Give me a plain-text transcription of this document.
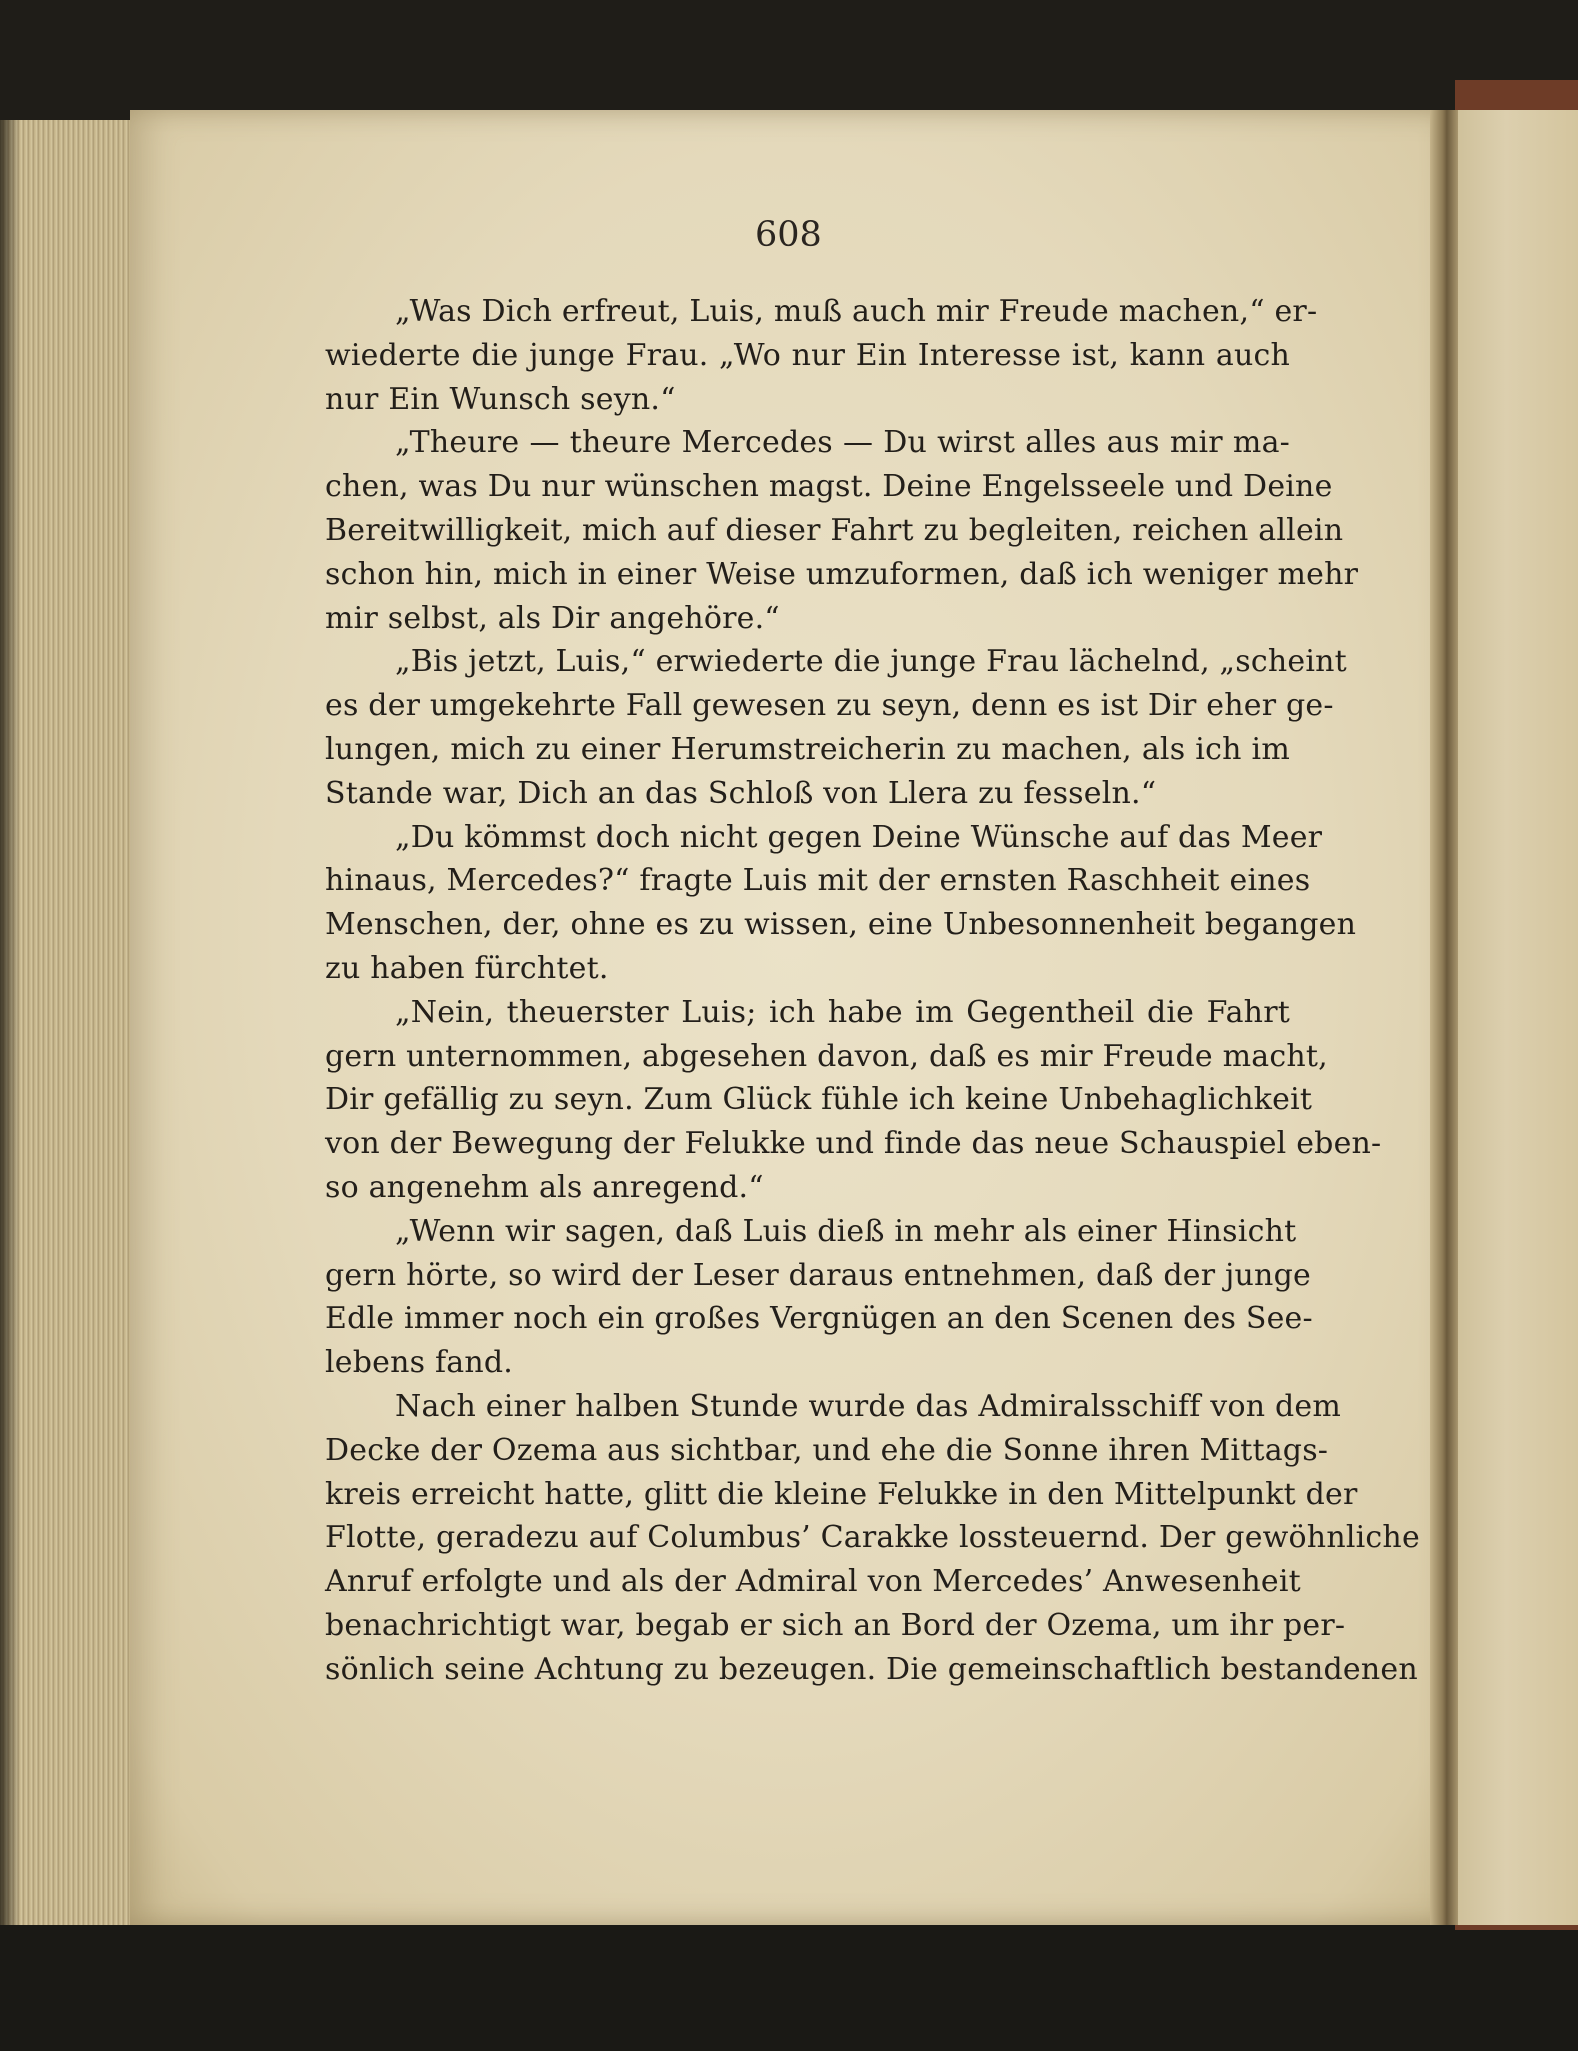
608
„Was Dich erfreut, Luis, muß auch mir Freude machen,“ er-
wiederte die junge Frau. „Wo nur Ein Interesse ist, kann auch
nur Ein Wunsch seyn.“
„Theure — theure Mercedes — Du wirst alles aus mir ma-
chen, was Du nur wünschen magst. Deine Engelsseele und Deine
Bereitwilligkeit, mich auf dieser Fahrt zu begleiten, reichen allein
schon hin, mich in einer Weise umzuformen, daß ich weniger mehr
mir selbst, als Dir angehöre.“
„Bis jetzt, Luis,“ erwiederte die junge Frau lächelnd, „scheint
es der umgekehrte Fall gewesen zu seyn, denn es ist Dir eher ge-
lungen, mich zu einer Herumstreicherin zu machen, als ich im
Stande war, Dich an das Schloß von Llera zu fesseln.“
„Du kömmst doch nicht gegen Deine Wünsche auf das Meer
hinaus, Mercedes?“ fragte Luis mit der ernsten Raschheit eines
Menschen, der, ohne es zu wissen, eine Unbesonnenheit begangen
zu haben fürchtet.
„Nein, theuerster Luis; ich habe im Gegentheil die Fahrt
gern unternommen, abgesehen davon, daß es mir Freude macht,
Dir gefällig zu seyn. Zum Glück fühle ich keine Unbehaglichkeit
von der Bewegung der Felukke und finde das neue Schauspiel eben-
so angenehm als anregend.“
„Wenn wir sagen, daß Luis dieß in mehr als einer Hinsicht
gern hörte, so wird der Leser daraus entnehmen, daß der junge
Edle immer noch ein großes Vergnügen an den Scenen des See-
lebens fand.
Nach einer halben Stunde wurde das Admiralsschiff von dem
Decke der Ozema aus sichtbar, und ehe die Sonne ihren Mittags-
kreis erreicht hatte, glitt die kleine Felukke in den Mittelpunkt der
Flotte, geradezu auf Columbus’ Carakke lossteuernd. Der gewöhnliche
Anruf erfolgte und als der Admiral von Mercedes’ Anwesenheit
benachrichtigt war, begab er sich an Bord der Ozema, um ihr per-
sönlich seine Achtung zu bezeugen. Die gemeinschaftlich bestandenen
